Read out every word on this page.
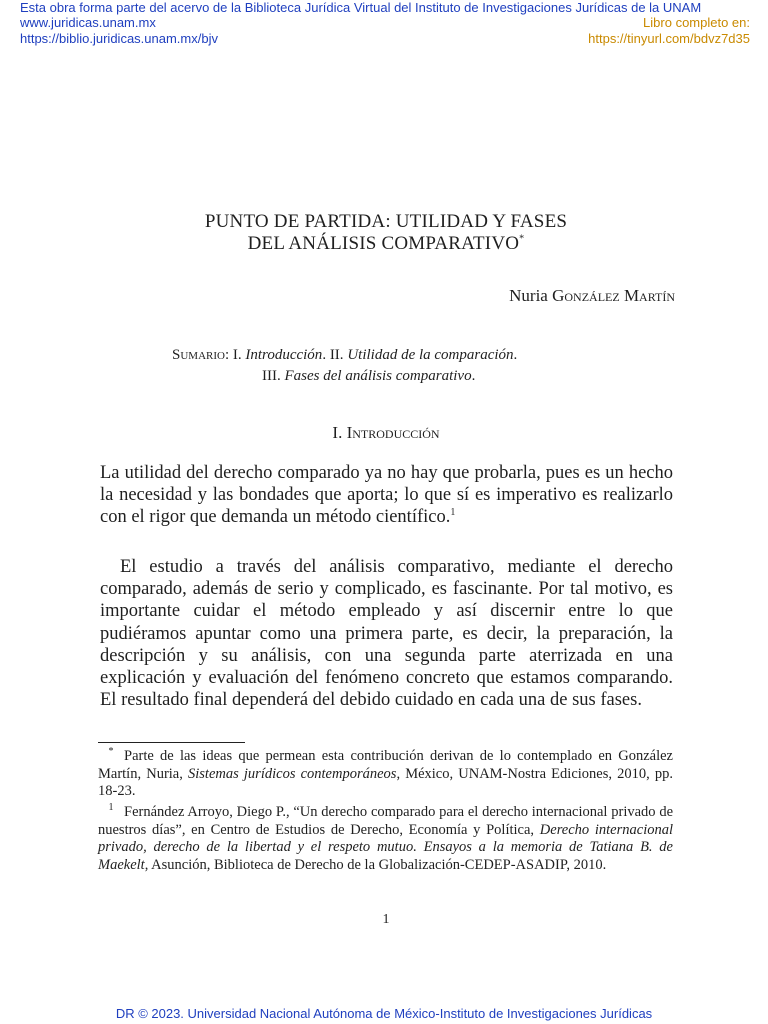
Esta obra forma parte del acervo de la Biblioteca Jurídica Virtual del Instituto de Investigaciones Jurídicas de la UNAM
www.juridicas.unam.mx
https://biblio.juridicas.unam.mx/bjv
Libro completo en:
https://tinyurl.com/bdvz7d35
PUNTO DE PARTIDA: UTILIDAD Y FASES
DEL ANÁLISIS COMPARATIVO*
Nuria González Martín
Sumario: I. Introducción. II. Utilidad de la comparación.
III. Fases del análisis comparativo.
I. Introducción

La utilidad del derecho comparado ya no hay que probarla, pues es un hecho la necesidad y las bondades que aporta; lo que sí es imperativo es realizarlo con el rigor que demanda un método científico.$^1$

El estudio a través del análisis comparativo, mediante el derecho comparado, además de serio y complicado, es fascinante. Por tal motivo, es importante cuidar el método empleado y así discernir entre lo que pudiéramos apuntar como una primera parte, es decir, la preparación, la descripción y su análisis, con una segunda parte aterrizada en una explicación y evaluación del fenómeno concreto que estamos comparando. El resultado final dependerá del debido cuidado en cada una de sus fases.

* Parte de las ideas que permean esta contribución derivan de lo contemplado en González Martín, Nuria, Sistemas jurídicos contemporáneos, México, UNAM-Nostra Ediciones, 2010, pp. 18-23.

1 Fernández Arroyo, Diego P., “Un derecho comparado para el derecho internacional privado de nuestros días”, en Centro de Estudios de Derecho, Economía y Política, Derecho internacional privado, derecho de la libertad y el respeto mutuo. Ensayos a la memoria de Tatiana B. de Maekelt, Asunción, Biblioteca de Derecho de la Globalización-CEDEP-ASADIP, 2010.

1
DR © 2023. Universidad Nacional Autónoma de México-Instituto de Investigaciones Jurídicas
